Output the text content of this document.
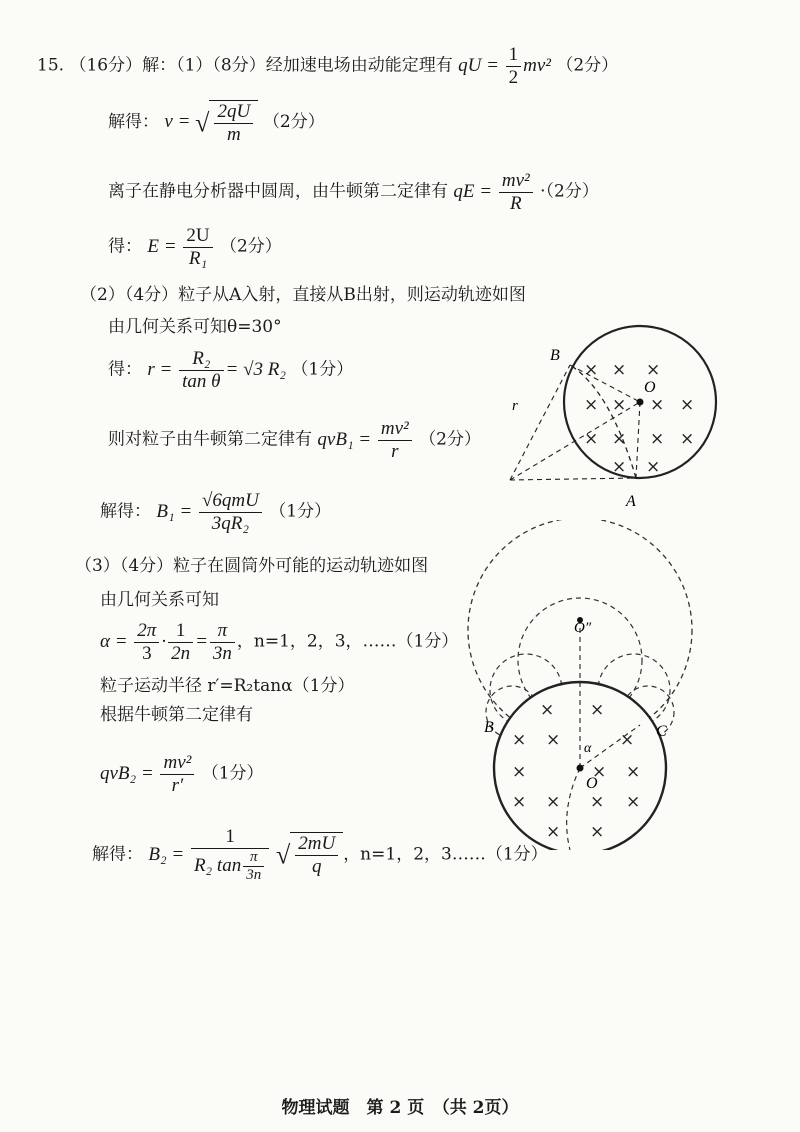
15. （16分）解：（1）（8分）经加速电场由动能定理有 qU = $\frac{1}{2} mv^2$ （2分）
解得： v = √ $\frac{2qU}{m} (2$分）
离子在静电分析器中圆周，由牛顿第二定律有 qE = $\frac{\text{mv²}}{R} \cdot(2$分）
得： $E = \frac{2U}{\text{R₁}} (2$分）
（2）（4分）粒子从A入射，直接从B出射，则运动轨迹如图
由几何关系可知θ=30°
得： $r = \frac{\text{R₂}}{\text{tan θ}} = √3$ R₂ （1分）
则对粒子由牛顿第二定律有 $qvB_1 = \frac{\text{mv²}}{r} (2$分）
解得： $B_1 = \frac{\text{√6qmU}}{\text{3qR₂}} (1$分）
× × ×
× × × ×
× × × ×
× ×
B
A
O
r
（3）（4分）粒子在圆筒外可能的运动轨迹如图
由几何关系可知
$\alpha = \frac{2\pi}{3} \cdot \frac{1}{2n} = \frac{\pi}{3n}$ ，n=1，2，3，……（1分）
粒子运动半径 r′=R₂tanα（1分）
根据牛顿第二定律有
$qvB_2 = \frac{\text{mv²}}{r'} (1$分）
解得： $B_2 = \frac{1}{R_2 \tan \frac{\pi}{3n}}$ √ $\frac{2mU}{q}$ ，n=1，2，3……（1分）
× ×
× ×	×
×	× ×
× × × ×
× ×
B	C
O″
O
α
物理试题　第 2 页　（共 2页）
